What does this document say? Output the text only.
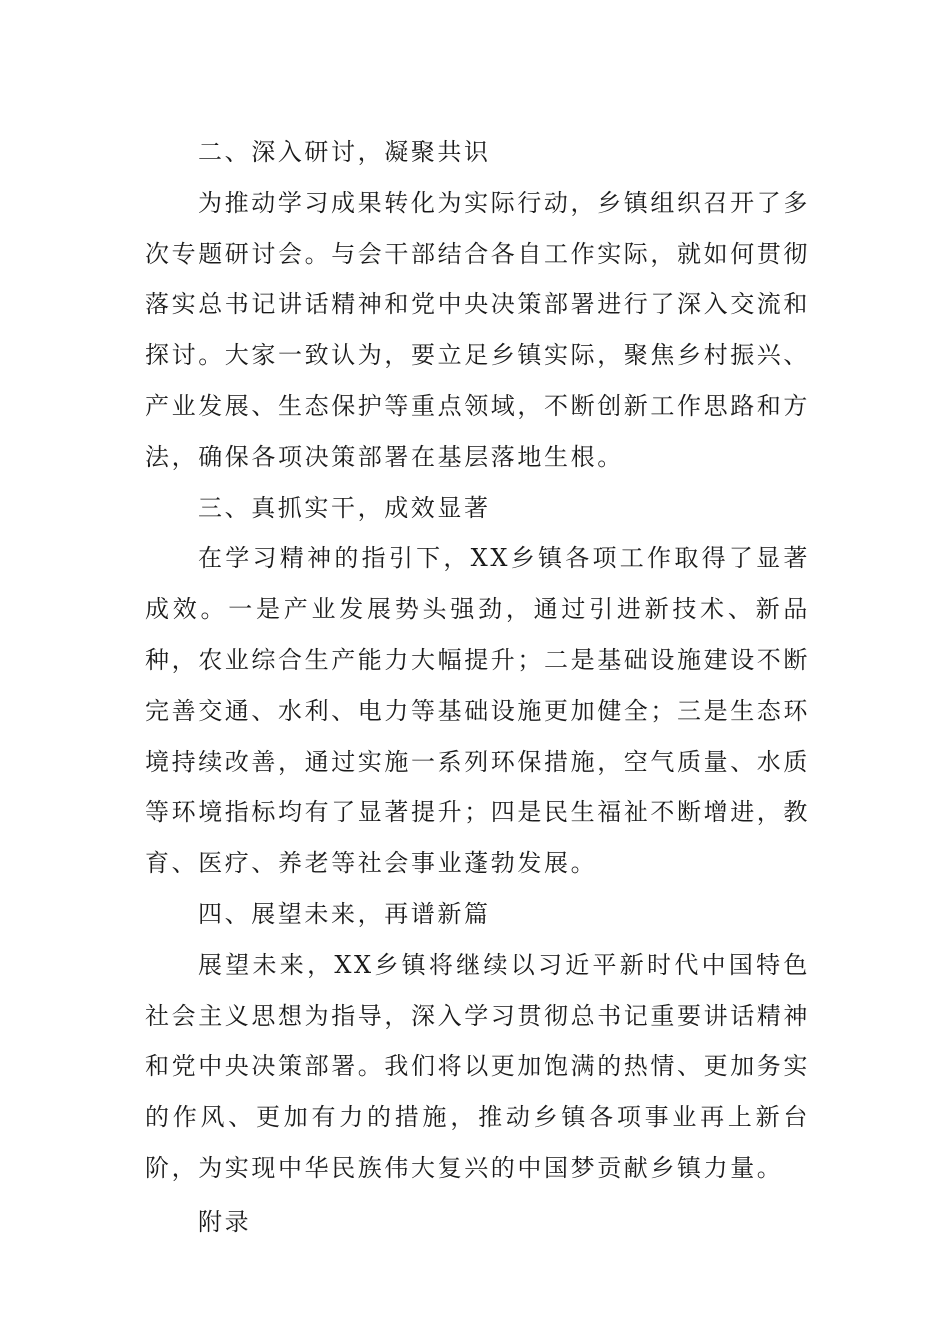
二、深入研讨，凝聚共识

为推动学习成果转化为实际行动，乡镇组织召开了多次专题研讨会。与会干部结合各自工作实际，就如何贯彻落实总书记讲话精神和党中央决策部署进行了深入交流和探讨。大家一致认为，要立足乡镇实际，聚焦乡村振兴、产业发展、生态保护等重点领域，不断创新工作思路和方法，确保各项决策部署在基层落地生根。

三、真抓实干，成效显著

在学习精神的指引下，XX乡镇各项工作取得了显著成效。一是产业发展势头强劲，通过引进新技术、新品种，农业综合生产能力大幅提升；二是基础设施建设不断完善交通、水利、电力等基础设施更加健全；三是生态环境持续改善，通过实施一系列环保措施，空气质量、水质等环境指标均有了显著提升；四是民生福祉不断增进，教育、医疗、养老等社会事业蓬勃发展。

四、展望未来，再谱新篇

展望未来，XX乡镇将继续以习近平新时代中国特色社会主义思想为指导，深入学习贯彻总书记重要讲话精神和党中央决策部署。我们将以更加饱满的热情、更加务实的作风、更加有力的措施，推动乡镇各项事业再上新台阶，为实现中华民族伟大复兴的中国梦贡献乡镇力量。

附录
